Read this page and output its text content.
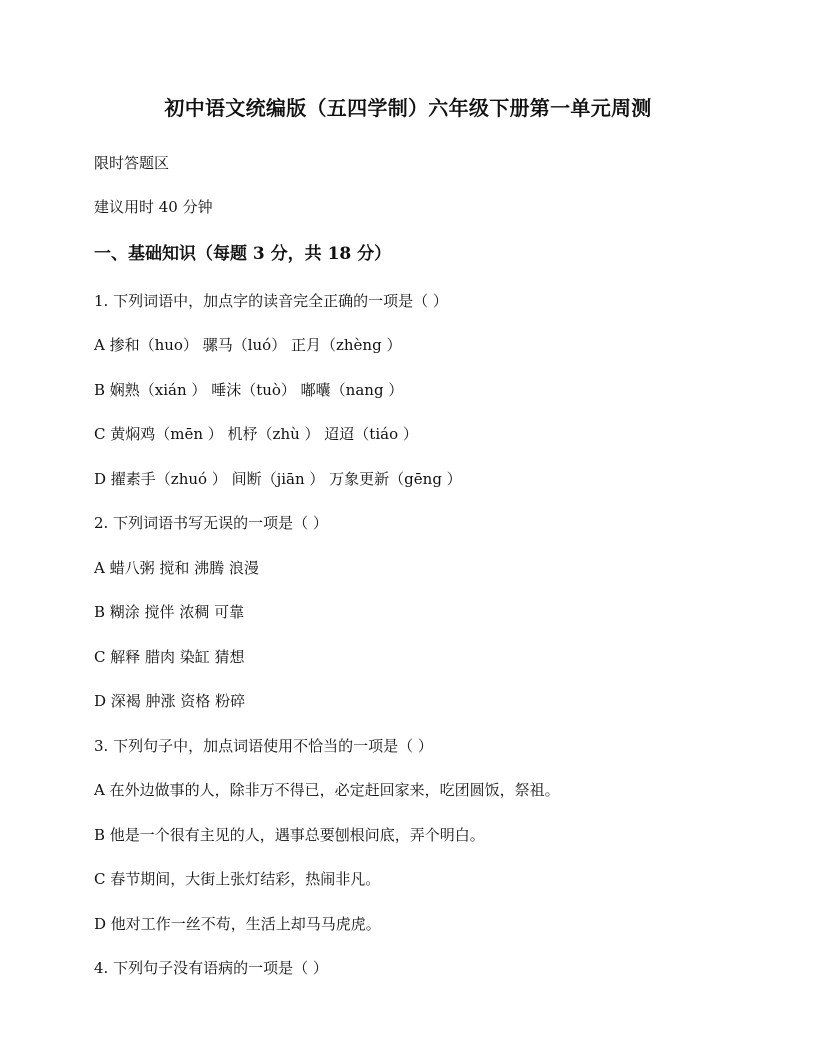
初中语文统编版（五四学制）六年级下册第一单元周测
限时答题区
建议用时 40 分钟
一、基础知识（每题 3 分，共 18 分）
1. 下列词语中，加点字的读音完全正确的一项是（ ）
A 掺和（huo） 骡马（luó） 正月（zhèng ）
B 娴熟（xián ） 唾沫（tuò） 嘟囔（nang ）
C 黄焖鸡（mēn ） 机杼（zhù ） 迢迢（tiáo ）
D 擢素手（zhuó ） 间断（jiān ） 万象更新（gēng ）
2. 下列词语书写无误的一项是（ ）
A 蜡八粥 搅和 沸腾 浪漫
B 糊涂 搅伴 浓稠 可靠
C 解释 腊肉 染缸 猜想
D 深褐 肿涨 资格 粉碎
3. 下列句子中，加点词语使用不恰当的一项是（ ）
A 在外边做事的人，除非万不得已，必定赶回家来，吃团圆饭，祭祖。
B 他是一个很有主见的人，遇事总要刨根问底，弄个明白。
C 春节期间，大街上张灯结彩，热闹非凡。
D 他对工作一丝不苟，生活上却马马虎虎。
4. 下列句子没有语病的一项是（ ）
